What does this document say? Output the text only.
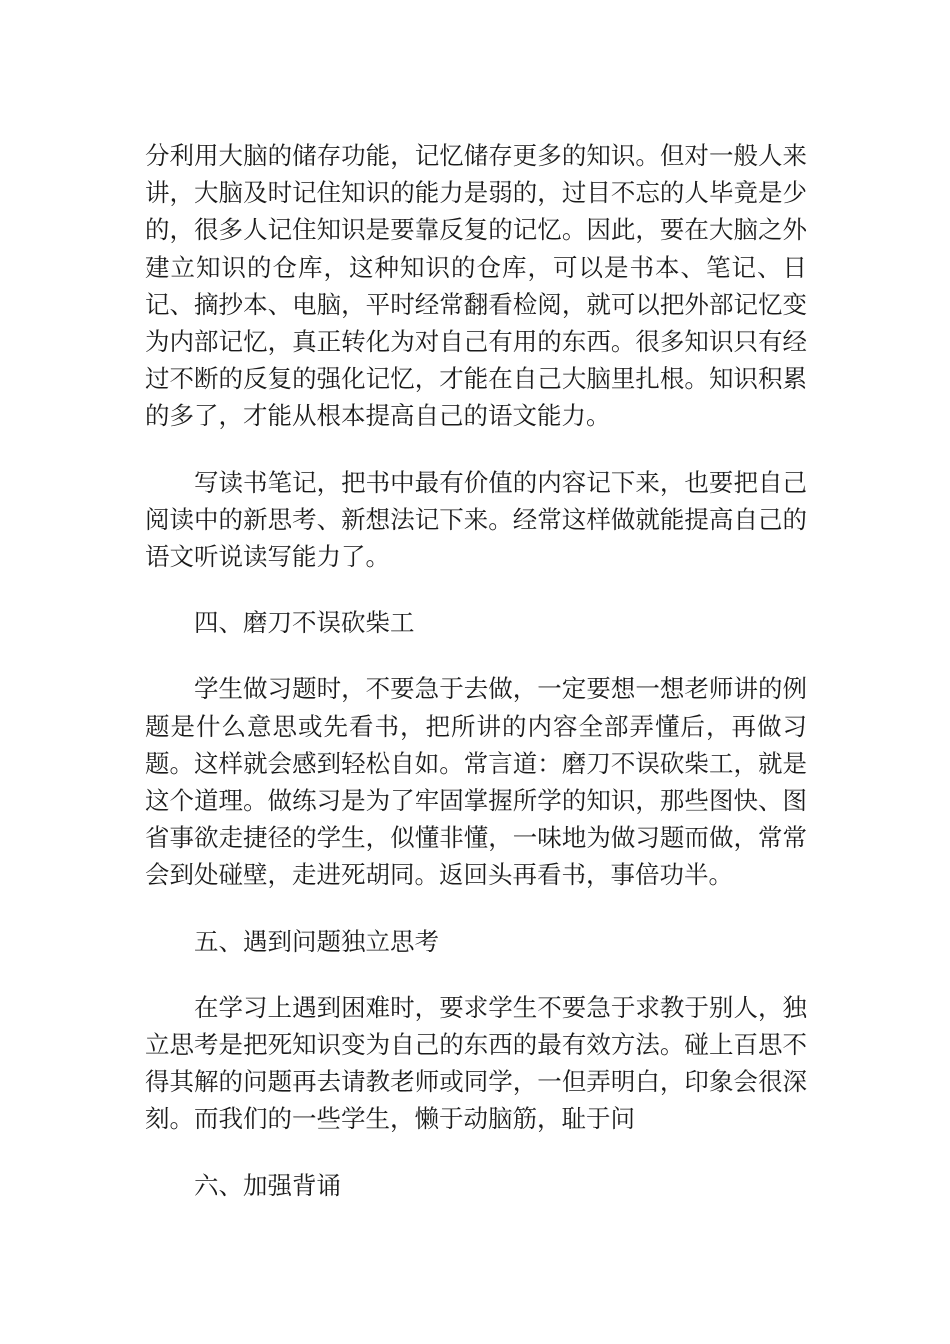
分利用大脑的储存功能，记忆储存更多的知识。但对一般人来讲，大脑及时记住知识的能力是弱的，过目不忘的人毕竟是少的，很多人记住知识是要靠反复的记忆。因此，要在大脑之外建立知识的仓库，这种知识的仓库，可以是书本、笔记、日记、摘抄本、电脑，平时经常翻看检阅，就可以把外部记忆变为内部记忆，真正转化为对自己有用的东西。很多知识只有经过不断的反复的强化记忆，才能在自己大脑里扎根。知识积累的多了，才能从根本提高自己的语文能力。

写读书笔记，把书中最有价值的内容记下来，也要把自己阅读中的新思考、新想法记下来。经常这样做就能提高自己的语文听说读写能力了。

四、磨刀不误砍柴工

学生做习题时，不要急于去做，一定要想一想老师讲的例题是什么意思或先看书，把所讲的内容全部弄懂后，再做习题。这样就会感到轻松自如。常言道：磨刀不误砍柴工，就是这个道理。做练习是为了牢固掌握所学的知识，那些图快、图省事欲走捷径的学生，似懂非懂，一味地为做习题而做，常常会到处碰壁，走进死胡同。返回头再看书，事倍功半。

五、遇到问题独立思考

在学习上遇到困难时，要求学生不要急于求教于别人，独立思考是把死知识变为自己的东西的最有效方法。碰上百思不得其解的问题再去请教老师或同学，一但弄明白，印象会很深刻。而我们的一些学生，懒于动脑筋，耻于问

六、加强背诵
